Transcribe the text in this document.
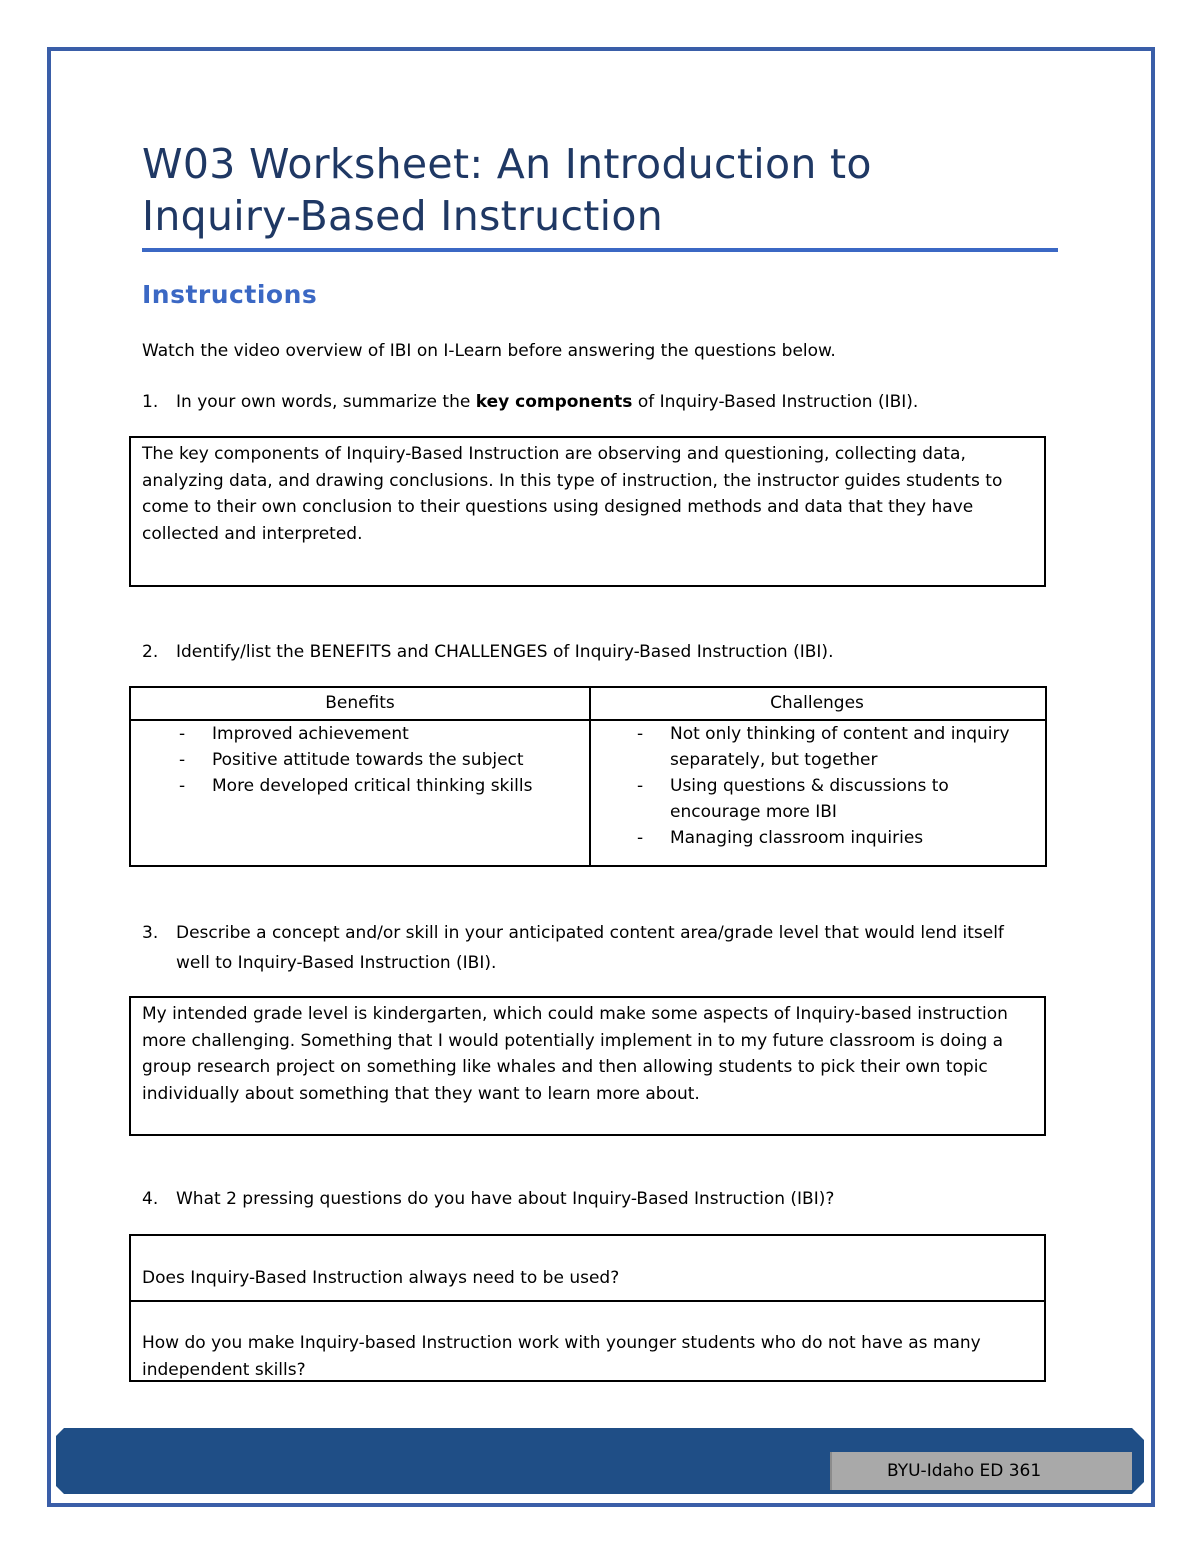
W03 Worksheet: An Introduction to
Inquiry-Based Instruction
Instructions
Watch the video overview of IBI on I-Learn before answering the questions below.
1. In your own words, summarize the key components of Inquiry-Based Instruction (IBI).
The key components of Inquiry-Based Instruction are observing and questioning, collecting data,
analyzing data, and drawing conclusions. In this type of instruction, the instructor guides students to
come to their own conclusion to their questions using designed methods and data that they have
collected and interpreted.
2. Identify/list the BENEFITS and CHALLENGES of Inquiry-Based Instruction (IBI).
Benefits
- Improved achievement
- Positive attitude towards the subject
- More developed critical thinking skills
Challenges
- Not only thinking of content and inquiry separately, but together
- Using questions & discussions to encourage more IBI
- Managing classroom inquiries
3. Describe a concept and/or skill in your anticipated content area/grade level that would lend itself
well to Inquiry-Based Instruction (IBI).
My intended grade level is kindergarten, which could make some aspects of Inquiry-based instruction
more challenging. Something that I would potentially implement in to my future classroom is doing a
group research project on something like whales and then allowing students to pick their own topic
individually about something that they want to learn more about.
4. What 2 pressing questions do you have about Inquiry-Based Instruction (IBI)?
Does Inquiry-Based Instruction always need to be used?
How do you make Inquiry-based Instruction work with younger students who do not have as many independent skills?
BYU-Idaho ED 361
